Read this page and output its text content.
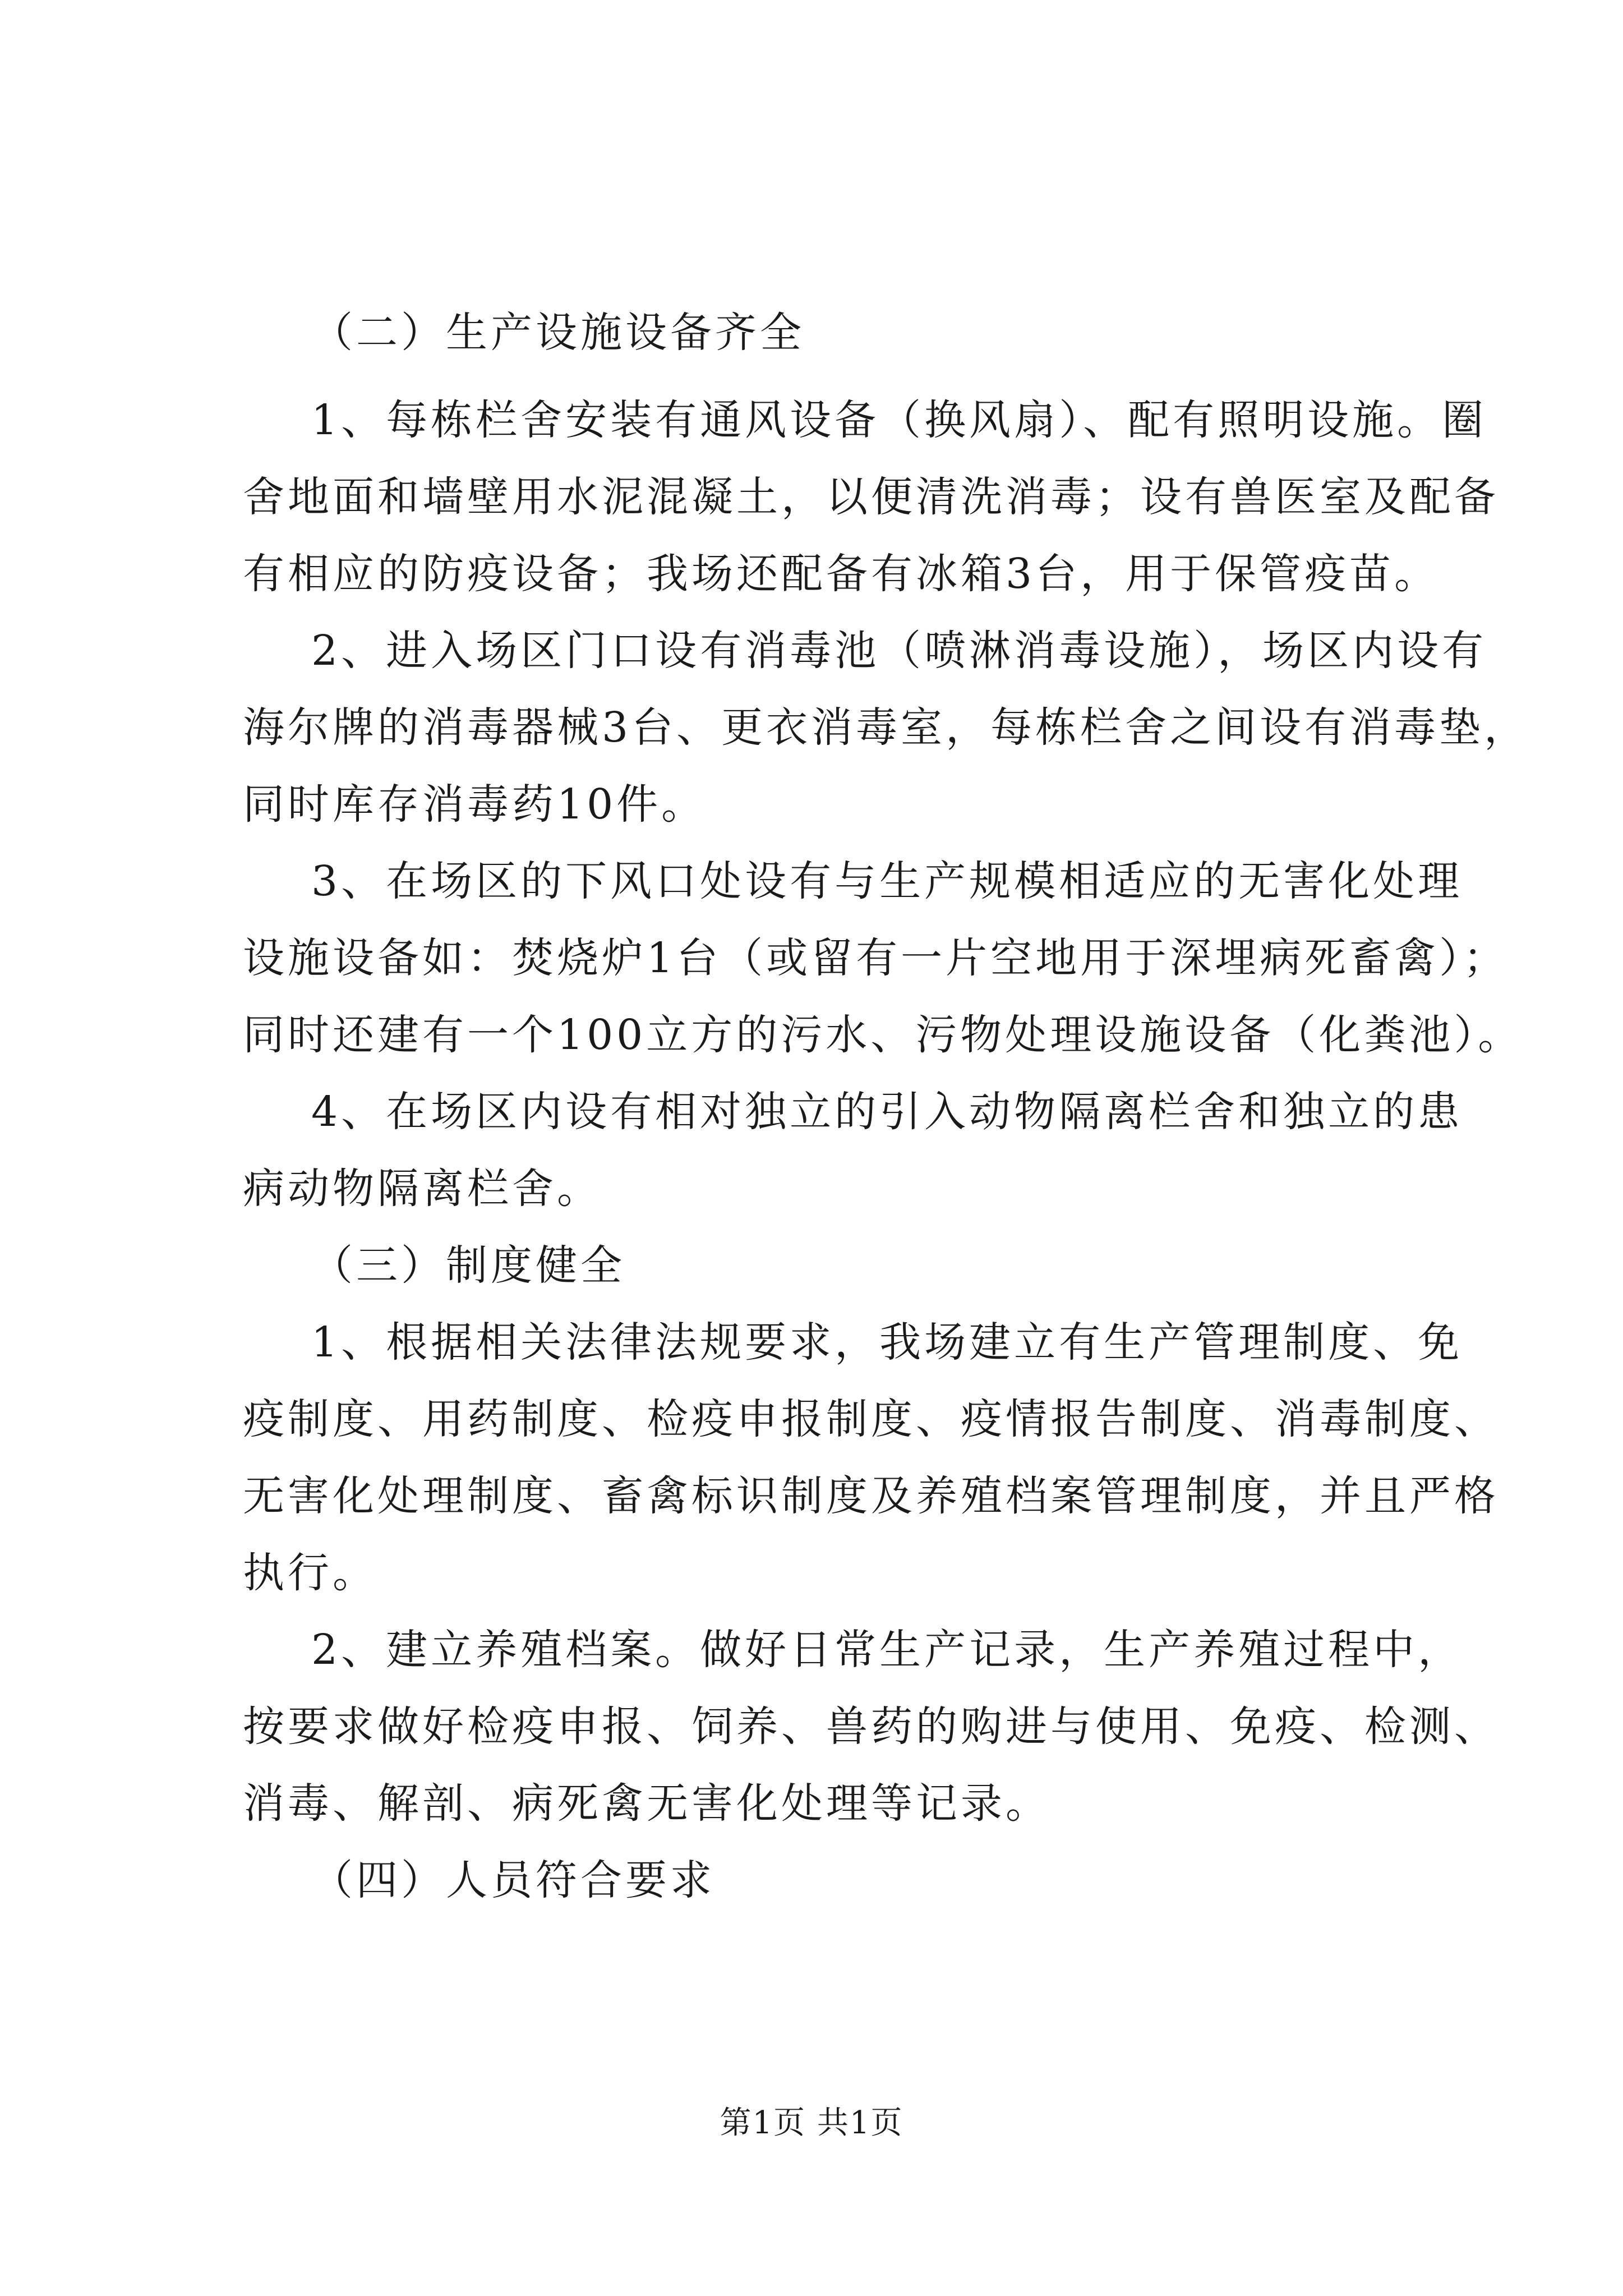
（二）生产设施设备齐全
1、每栋栏舍安装有通风设备（换风扇）、配有照明设施。圈
舍地面和墙壁用水泥混凝土，以便清洗消毒；设有兽医室及配备
有相应的防疫设备；我场还配备有冰箱3台，用于保管疫苗。
2、进入场区门口设有消毒池（喷淋消毒设施），场区内设有
海尔牌的消毒器械3台、更衣消毒室，每栋栏舍之间设有消毒垫，
同时库存消毒药10件。
3、在场区的下风口处设有与生产规模相适应的无害化处理
设施设备如：焚烧炉1台（或留有一片空地用于深埋病死畜禽）；
同时还建有一个100立方的污水、污物处理设施设备（化粪池）。
4、在场区内设有相对独立的引入动物隔离栏舍和独立的患
病动物隔离栏舍。
（三）制度健全
1、根据相关法律法规要求，我场建立有生产管理制度、免
疫制度、用药制度、检疫申报制度、疫情报告制度、消毒制度、
无害化处理制度、畜禽标识制度及养殖档案管理制度，并且严格
执行。
2、建立养殖档案。做好日常生产记录，生产养殖过程中，
按要求做好检疫申报、饲养、兽药的购进与使用、免疫、检测、
消毒、解剖、病死禽无害化处理等记录。
（四）人员符合要求
第1页 共1页
